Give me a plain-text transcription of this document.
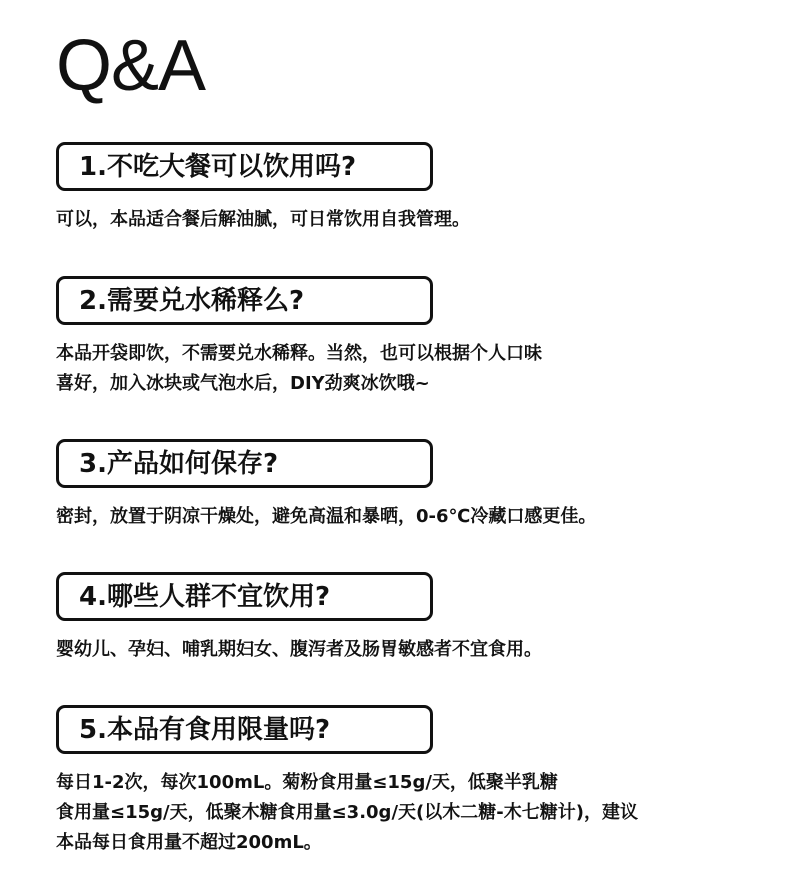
Q&A
1.不吃大餐可以饮用吗?
可以，本品适合餐后解油腻，可日常饮用自我管理。
2.需要兑水稀释么?
本品开袋即饮，不需要兑水稀释。当然，也可以根据个人口味
喜好，加入冰块或气泡水后，DIY劲爽冰饮哦~
3.产品如何保存?
密封，放置于阴凉干燥处，避免高温和暴晒，0-6℃冷藏口感更佳。
4.哪些人群不宜饮用?
婴幼儿、孕妇、哺乳期妇女、腹泻者及肠胃敏感者不宜食用。
5.本品有食用限量吗?
每日1-2次，每次100mL。菊粉食用量≤15g/天，低聚半乳糖
食用量≤15g/天，低聚木糖食用量≤3.0g/天(以木二糖-木七糖计)，建议
本品每日食用量不超过200mL。
